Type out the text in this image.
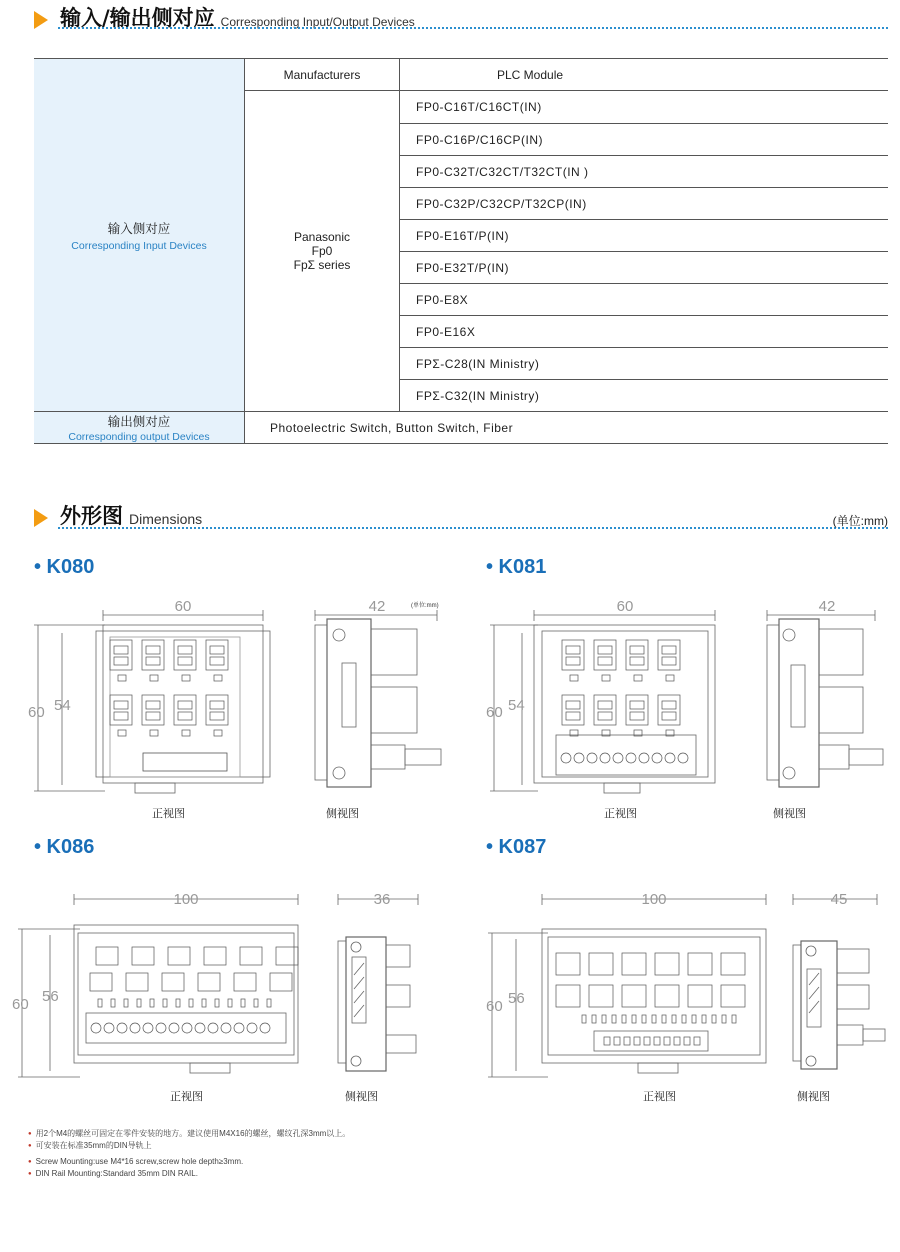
输入/输出侧对应 Corresponding Input/Output Devices
输入侧对应
Corresponding Input Devices	Manufacturers	PLC Module

	Panasonic
Fp0
FpΣ series	FP0-C16T/C16CT(IN)
		FP0-C16P/C16CP(IN)
		FP0-C32T/C32CT/T32CT(IN )
		FP0-C32P/C32CP/T32CP(IN)
		FP0-E16T/P(IN)
		FP0-E32T/P(IN)
		FP0-E8X
		FP0-E16X
		FPΣ-C28(IN Ministry)
		FPΣ-C32(IN Ministry)

输出侧对应
Corresponding output Devices	Photoelectric Switch, Button Switch, Fiber	
外形图 Dimensions	(单位:mm)
• K080	• K081
• K086	• K087
60
60 54
正视图
42	(单位:mm)
侧视图
60
60 54
正视图
42
侧视图
100
60 56
正视图
36
侧视图
100
60 56
正视图
45
侧视图
● 用2个M4的螺丝可固定在零件安装的地方。建议使用M4X16的螺丝，螺纹孔深3mm以上。
● 可安装在标准35mm的DIN导轨上
● Screw Mounting:use M4*16 screw,screw hole depth≥3mm.
● DIN Rail Mounting:Standard 35mm DIN RAIL.
